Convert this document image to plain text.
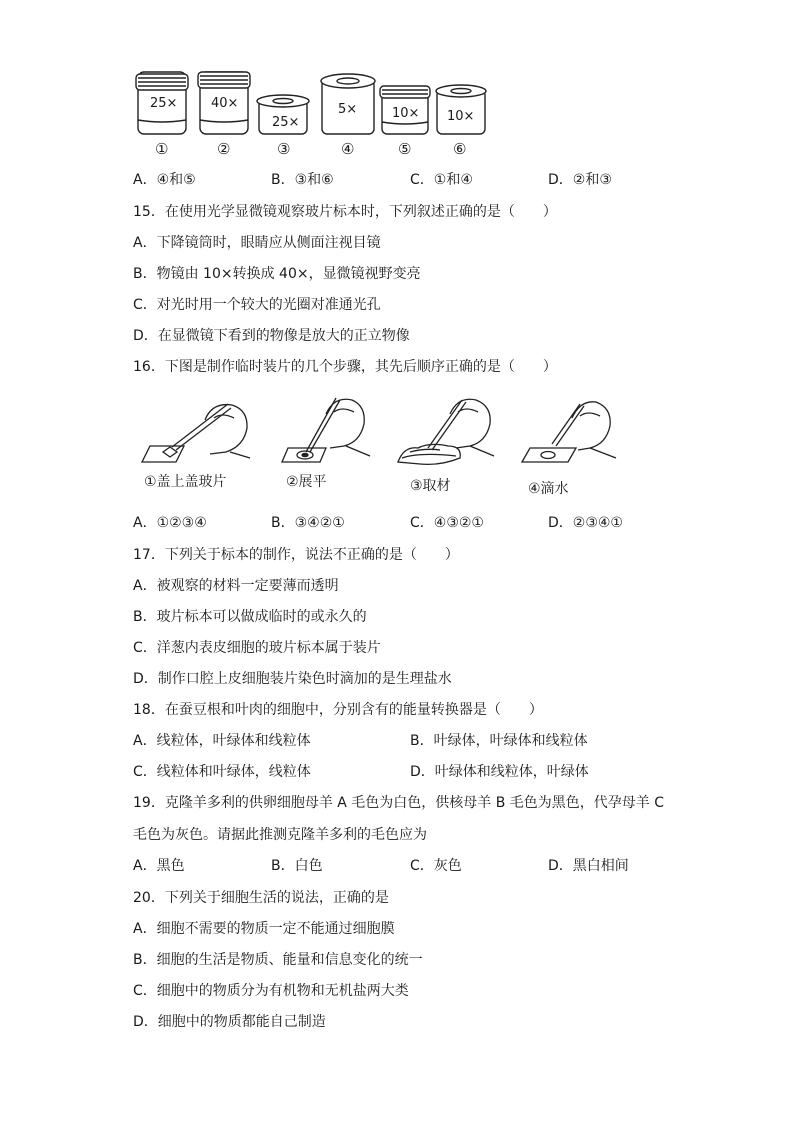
25×	40×
25×
5×	10× 10×
①	②	③	④	⑤	⑥
A．④和⑤	B．③和⑥	C．①和④	D．②和③
15．在使用光学显微镜观察玻片标本时，下列叙述正确的是（　　）
A．下降镜筒时，眼睛应从侧面注视目镜
B．物镜由 10×转换成 40×，显微镜视野变亮
C．对光时用一个较大的光圈对准通光孔
D．在显微镜下看到的物像是放大的正立物像
16．下图是制作临时装片的几个步骤，其先后顺序正确的是（　　）
①盖上盖玻片	②展平	③取材	④滴水
A．①②③④	B．③④②①	C．④③②①	D．②③④①
17．下列关于标本的制作，说法不正确的是（　　）
A．被观察的材料一定要薄而透明
B．玻片标本可以做成临时的或永久的
C．洋葱内表皮细胞的玻片标本属于装片
D．制作口腔上皮细胞装片染色时滴加的是生理盐水
18．在蚕豆根和叶肉的细胞中，分别含有的能量转换器是（　　）
A．线粒体，叶绿体和线粒体	B．叶绿体，叶绿体和线粒体
C．线粒体和叶绿体，线粒体	D．叶绿体和线粒体，叶绿体
19．克隆羊多利的供卵细胞母羊 A 毛色为白色，供核母羊 B 毛色为黑色，代孕母羊 C
毛色为灰色。请据此推测克隆羊多利的毛色应为
A．黑色	B．白色	C．灰色	D．黑白相间
20．下列关于细胞生活的说法，正确的是
A．细胞不需要的物质一定不能通过细胞膜
B．细胞的生活是物质、能量和信息变化的统一
C．细胞中的物质分为有机物和无机盐两大类
D．细胞中的物质都能自己制造
